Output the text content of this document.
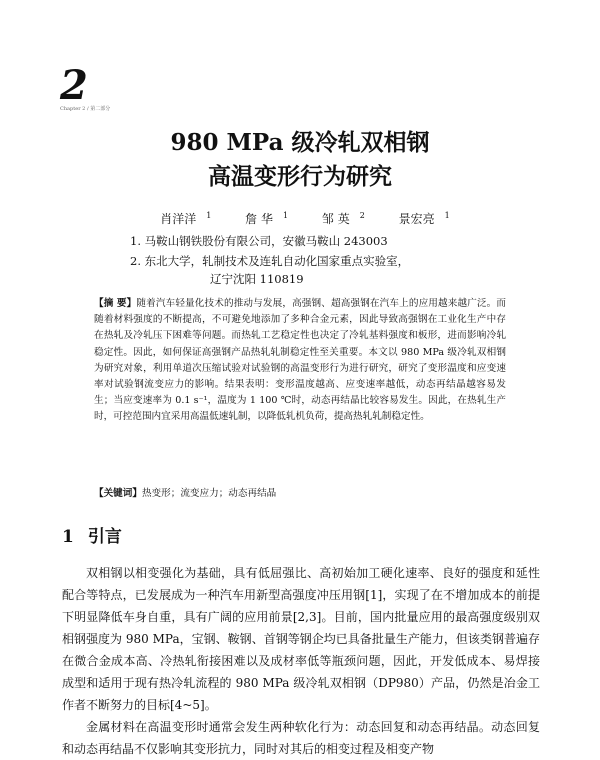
2
Chapter 2 / 第二部分
980 MPa 级冷轧双相钢
高温变形行为研究
肖洋洋 $^1$	詹 华 $^1$	邹 英 $^2$	景宏亮 $^1$
1. 马鞍山钢铁股份有限公司，安徽马鞍山 243003
2. 东北大学，轧制技术及连轧自动化国家重点实验室，
辽宁沈阳 110819
【摘 要】随着汽车轻量化技术的推动与发展，高强钢、超高强钢在汽车上的应用越来越广泛。而随着材料强度的不断提高，不可避免地添加了多种合金元素，因此导致高强钢在工业化生产中存在热轧及冷轧压下困难等问题。而热轧工艺稳定性也决定了冷轧基料强度和板形，进而影响冷轧稳定性。因此，如何保证高强钢产品热轧轧制稳定性至关重要。本文以 980 MPa 级冷轧双相钢为研究对象，利用单道次压缩试验对试验钢的高温变形行为进行研究，研究了变形温度和应变速率对试验钢流变应力的影响。结果表明：变形温度越高、应变速率越低，动态再结晶越容易发生；当应变速率为 0.1 s⁻¹，温度为 1 100 ℃时，动态再结晶比较容易发生。因此，在热轧生产时，可控范围内宜采用高温低速轧制，以降低轧机负荷，提高热轧轧制稳定性。
【关键词】热变形；流变应力；动态再结晶
1 引言
双相钢以相变强化为基础，具有低屈强比、高初始加工硬化速率、良好的强度和延性配合等特点，已发展成为一种汽车用新型高强度冲压用钢[1]，实现了在不增加成本的前提下明显降低车身自重，具有广阔的应用前景[2,3]。目前，国内批量应用的最高强度级别双相钢强度为 980 MPa，宝钢、鞍钢、首钢等钢企均已具备批量生产能力，但该类钢普遍存在微合金成本高、冷热轧衔接困难以及成材率低等瓶颈问题，因此，开发低成本、易焊接成型和适用于现有热冷轧流程的 980 MPa 级冷轧双相钢（DP980）产品，仍然是冶金工作者不断努力的目标[4~5]。
金属材料在高温变形时通常会发生两种软化行为：动态回复和动态再结晶。动态回复和动态再结晶不仅影响其变形抗力，同时对其后的相变过程及相变产物
